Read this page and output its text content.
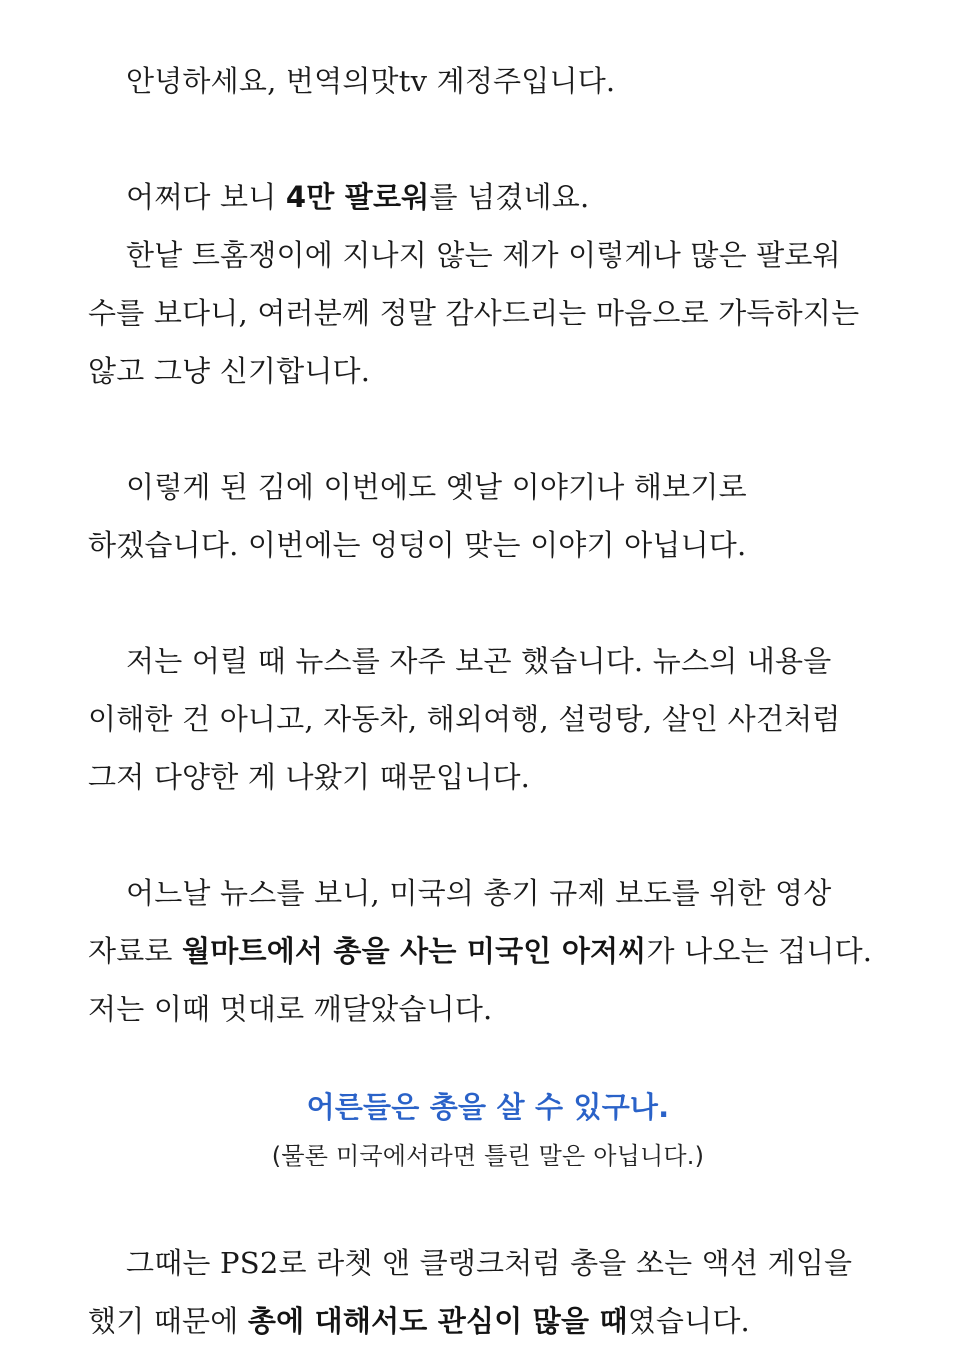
안녕하세요, 번역의맛tv 계정주입니다.

어쩌다 보니 4만 팔로워를 넘겼네요.

한낱 트홈쟁이에 지나지 않는 제가 이렇게나 많은 팔로워 수를 보다니, 여러분께 정말 감사드리는 마음으로 가득하지는 않고 그냥 신기합니다.

이렇게 된 김에 이번에도 옛날 이야기나 해보기로 하겠습니다. 이번에는 엉덩이 맞는 이야기 아닙니다.

저는 어릴 때 뉴스를 자주 보곤 했습니다. 뉴스의 내용을 이해한 건 아니고, 자동차, 해외여행, 설렁탕, 살인 사건처럼 그저 다양한 게 나왔기 때문입니다.

어느날 뉴스를 보니, 미국의 총기 규제 보도를 위한 영상 자료로 월마트에서 총을 사는 미국인 아저씨가 나오는 겁니다. 저는 이때 멋대로 깨달았습니다.

어른들은 총을 살 수 있구나.

(물론 미국에서라면 틀린 말은 아닙니다.)

그때는 PS2로 라쳇 앤 클랭크처럼 총을 쏘는 액션 게임을 했기 때문에 총에 대해서도 관심이 많을 때였습니다.
